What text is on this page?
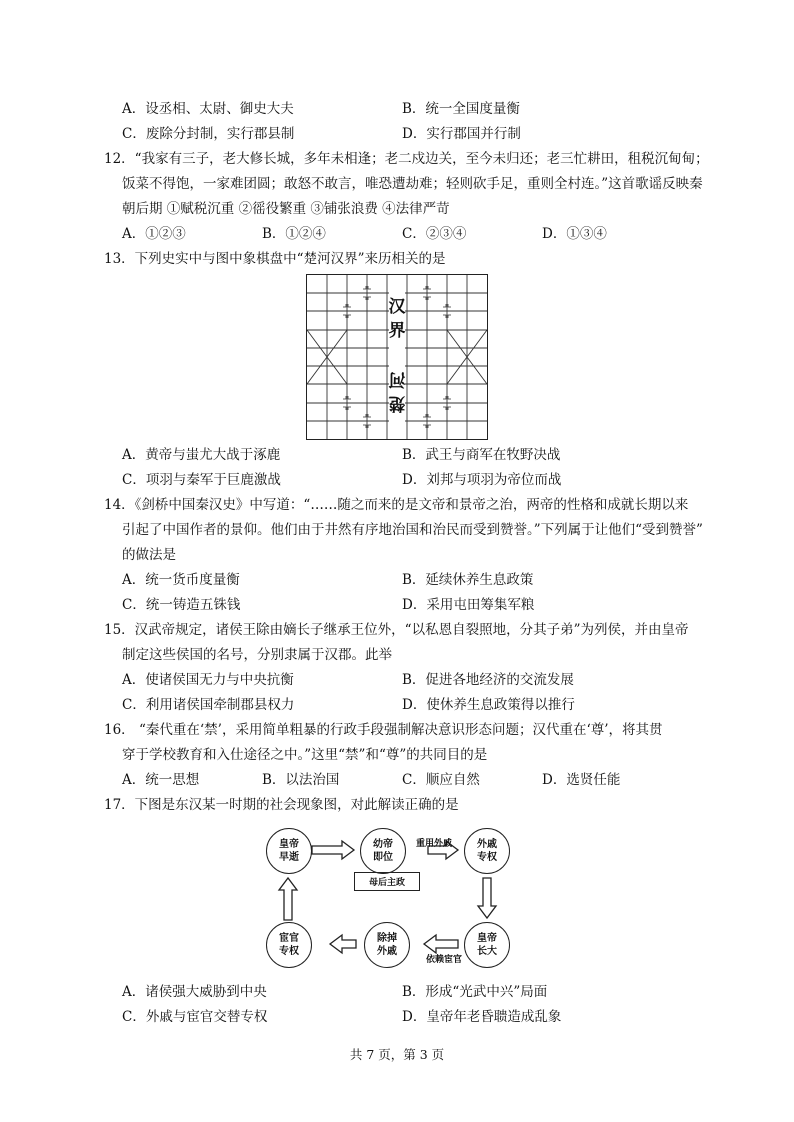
A．设丞相、太尉、御史大夫	B．统一全国度量衡
C．废除分封制，实行郡县制	D．实行郡国并行制
12．“我家有三子，老大修长城，多年未相逢；老二戍边关，至今未归还；老三忙耕田，租税沉甸甸；
饭菜不得饱，一家难团圆；敢怒不敢言，唯恐遭劫难；轻则砍手足，重则全村连。”这首歌谣反映秦
朝后期 ①赋税沉重 ②徭役繁重 ③铺张浪费 ④法律严苛
A．①②③	B．①②④	C．②③④	D．①③④
13．下列史实中与图中象棋盘中“楚河汉界”来历相关的是
汉
界
楚
河
A．黄帝与蚩尤大战于涿鹿	B．武王与商军在牧野决战
C．项羽与秦军于巨鹿激战	D．刘邦与项羽为帝位而战
14．《剑桥中国秦汉史》中写道：“……随之而来的是文帝和景帝之治，两帝的性格和成就长期以来
引起了中国作者的景仰。他们由于井然有序地治国和治民而受到赞誉。”下列属于让他们“受到赞誉”
的做法是
A．统一货币度量衡	B．延续休养生息政策
C．统一铸造五铢钱	D．采用屯田筹集军粮
15．汉武帝规定，诸侯王除由嫡长子继承王位外，“以私恩自裂照地，分其子弟”为列侯，并由皇帝
制定这些侯国的名号，分别隶属于汉郡。此举
A．使诸侯国无力与中央抗衡	B．促进各地经济的交流发展
C．利用诸侯国牵制郡县权力	D．使休养生息政策得以推行
16． “秦代重在‘禁’，采用简单粗暴的行政手段强制解决意识形态问题；汉代重在‘尊’，将其贯
穿于学校教育和入仕途径之中。”这里“禁”和“尊”的共同目的是
A．统一思想	B．以法治国	C．顺应自然	D．选贤任能
17．下图是东汉某一时期的社会现象图，对此解读正确的是
皇帝早逝
幼帝即位
外戚专权
皇帝长大
除掉外戚
宦官专权
重用外戚
母后主政
依赖宦官
A．诸侯强大威胁到中央	B．形成“光武中兴”局面
C．外戚与宦官交替专权	D．皇帝年老昏聩造成乱象
共 7 页，第 3 页
